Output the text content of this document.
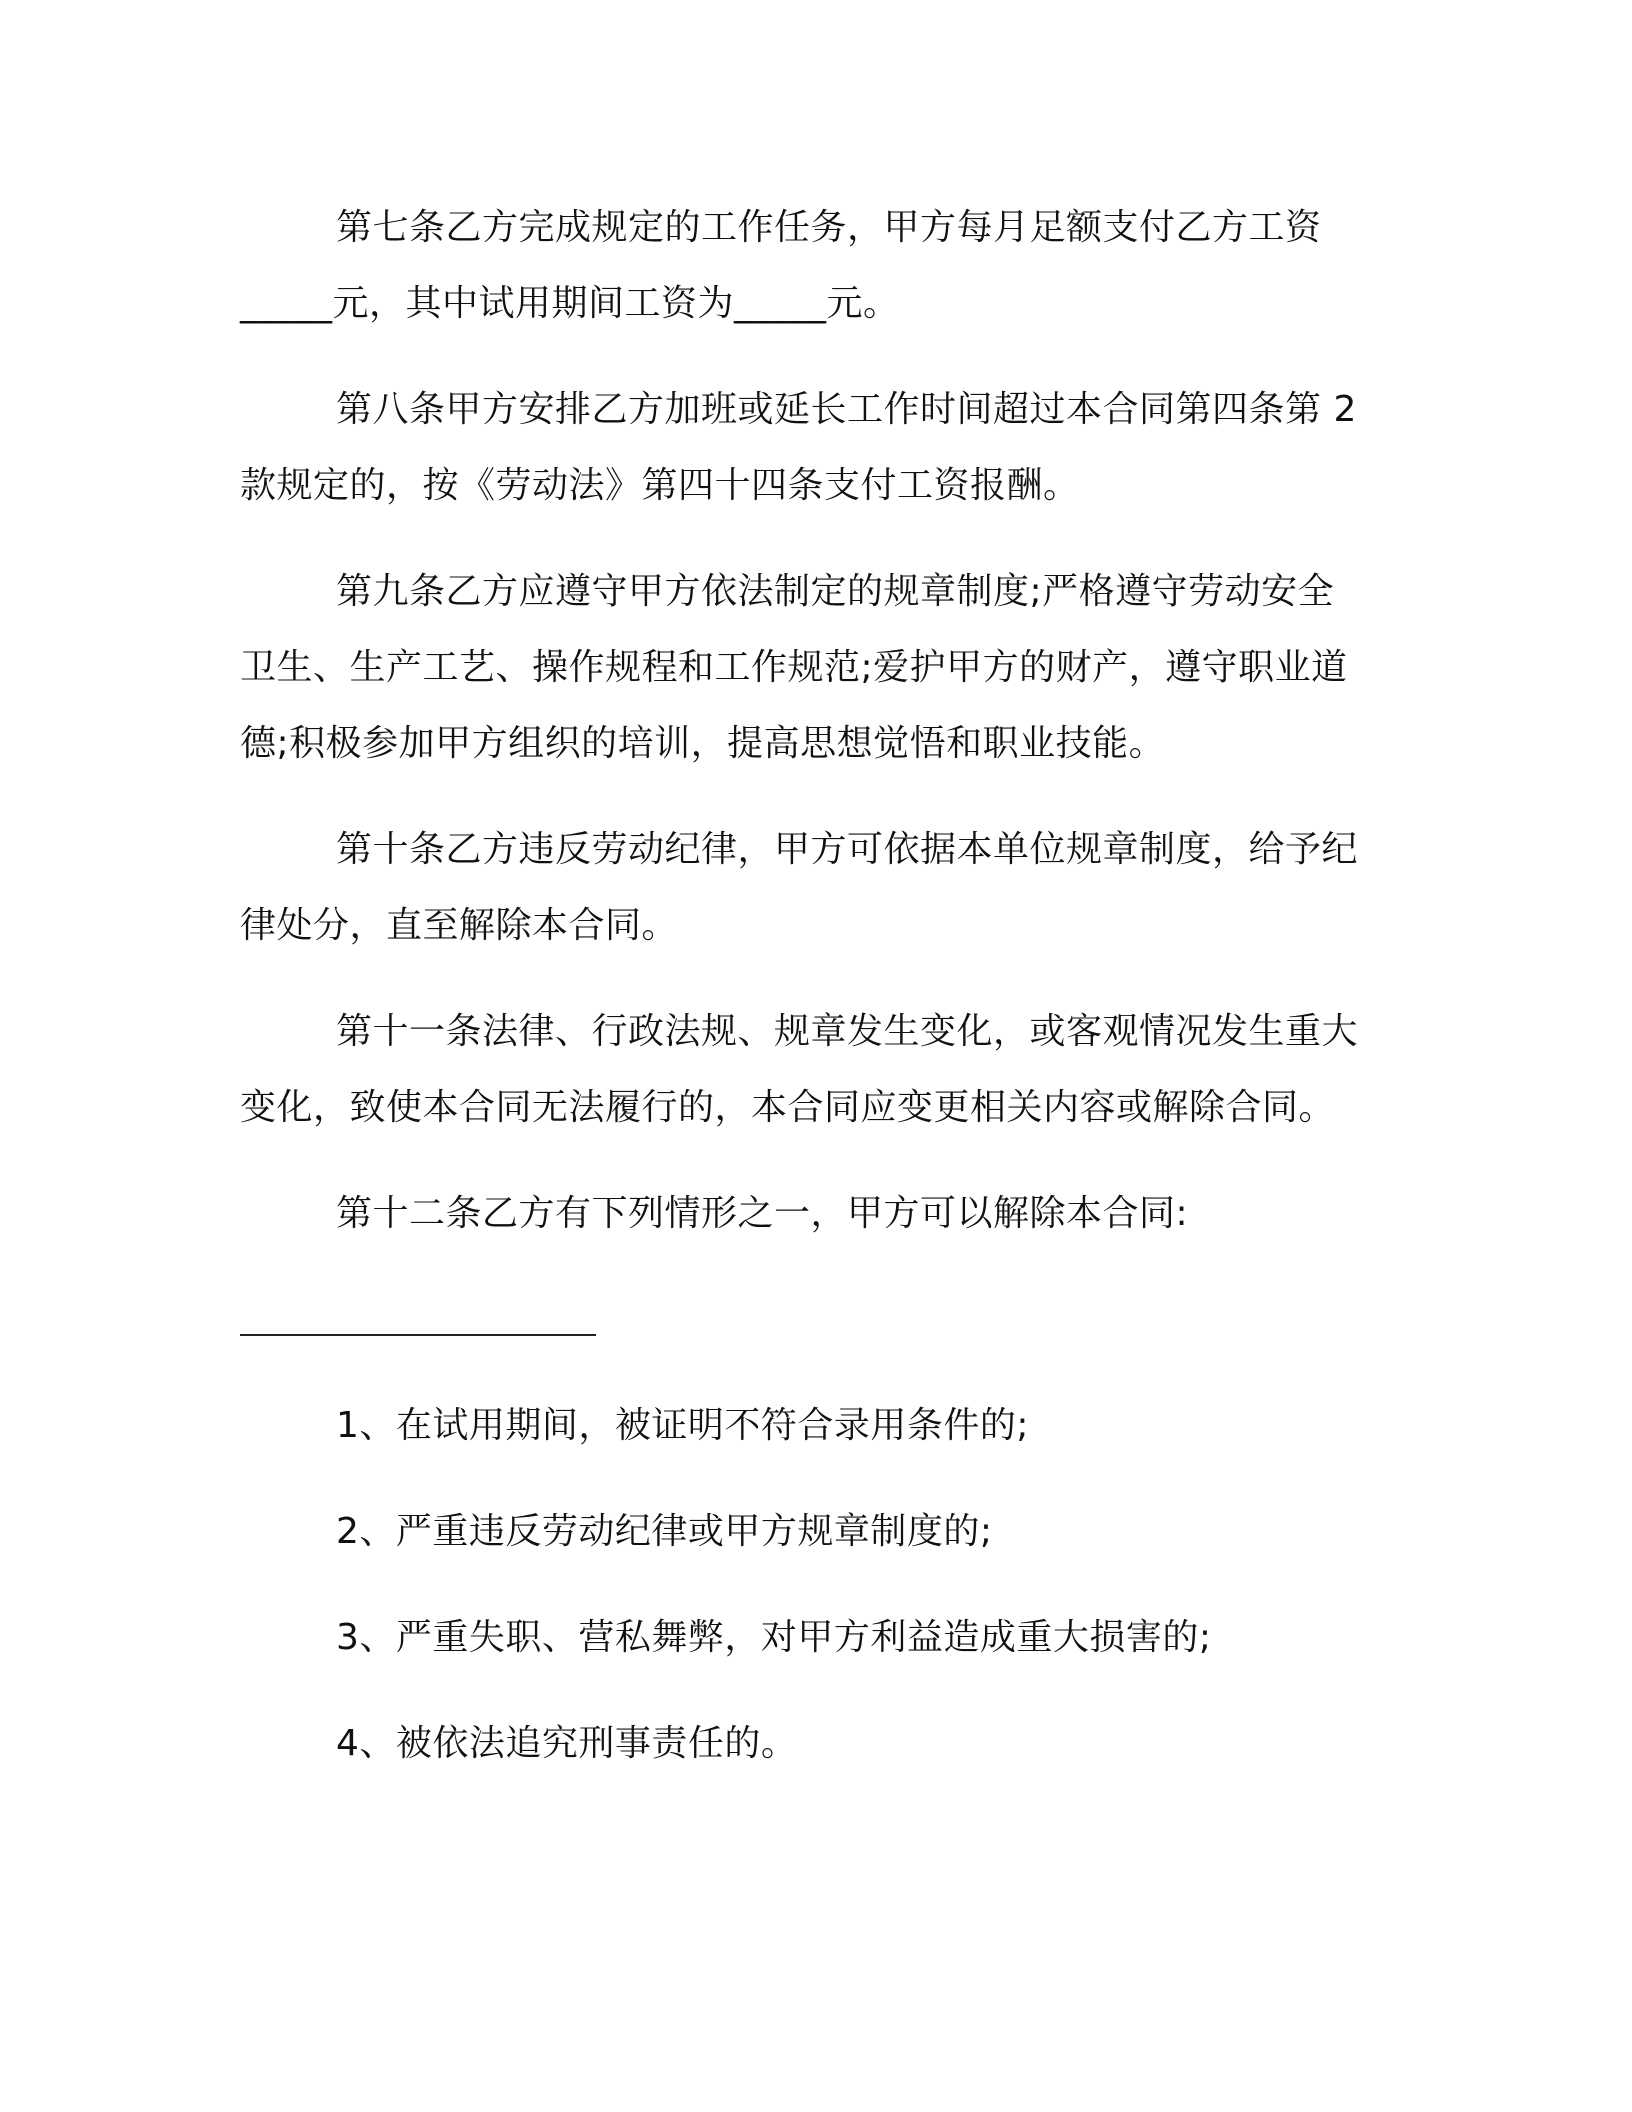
第七条乙方完成规定的工作任务，甲方每月足额支付乙方工资
_____元，其中试用期间工资为_____元。

第八条甲方安排乙方加班或延长工作时间超过本合同第四条第 2
款规定的，按《劳动法》第四十四条支付工资报酬。

第九条乙方应遵守甲方依法制定的规章制度;严格遵守劳动安全
卫生、生产工艺、操作规程和工作规范;爱护甲方的财产，遵守职业道
德;积极参加甲方组织的培训，提高思想觉悟和职业技能。

第十条乙方违反劳动纪律，甲方可依据本单位规章制度，给予纪
律处分，直至解除本合同。

第十一条法律、行政法规、规章发生变化，或客观情况发生重大
变化，致使本合同无法履行的，本合同应变更相关内容或解除合同。

第十二条乙方有下列情形之一，甲方可以解除本合同:

1、在试用期间，被证明不符合录用条件的;
2、严重违反劳动纪律或甲方规章制度的;
3、严重失职、营私舞弊，对甲方利益造成重大损害的;
4、被依法追究刑事责任的。
